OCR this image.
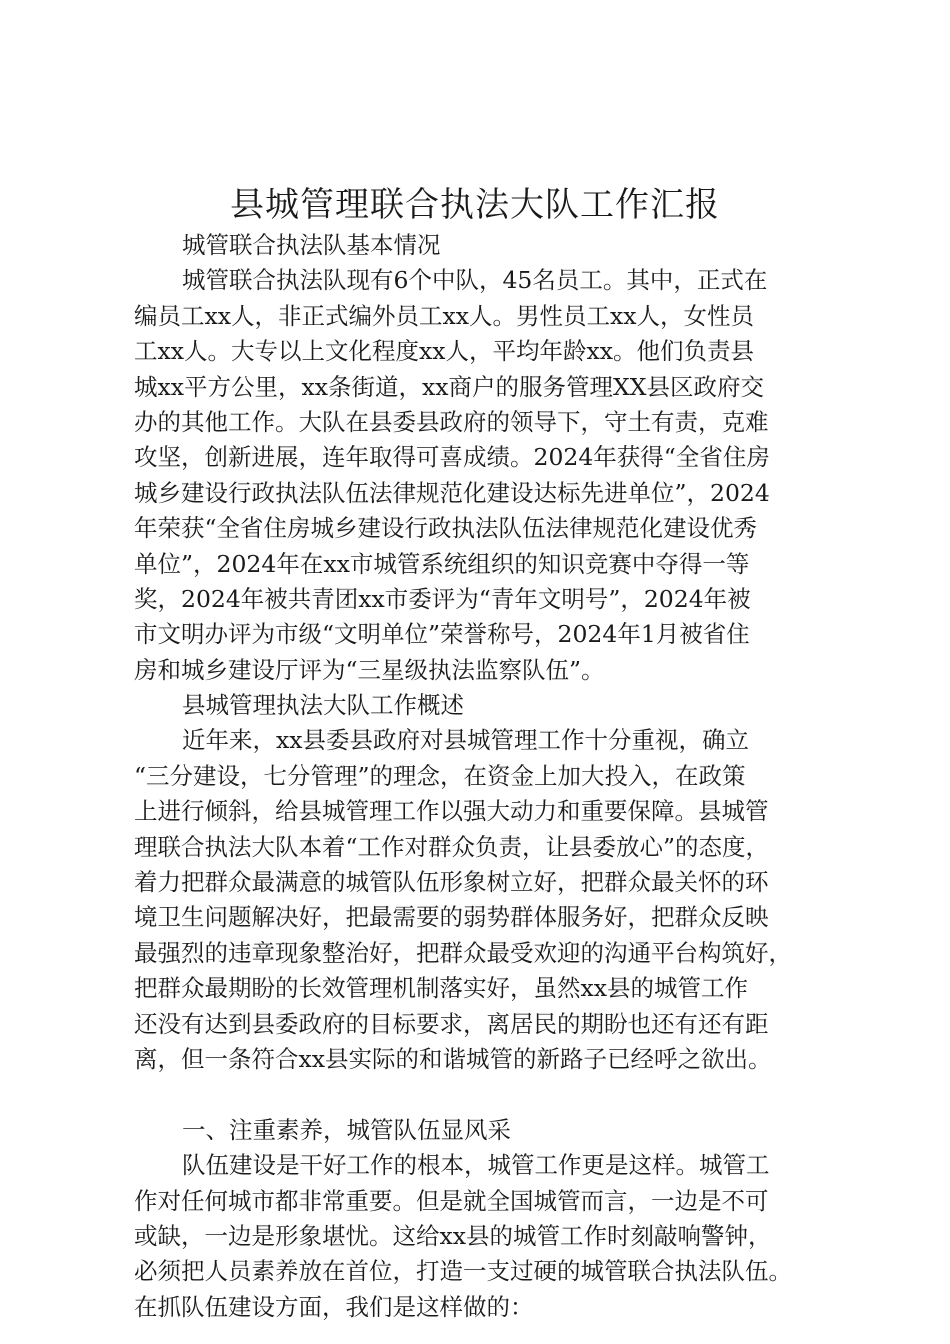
县城管理联合执法大队工作汇报
城管联合执法队基本情况
城管联合执法队现有6个中队，45名员工。其中，正式在
编员工xx人，非正式编外员工xx人。男性员工xx人，女性员
工xx人。大专以上文化程度xx人，平均年龄xx。他们负责县
城xx平方公里，xx条街道，xx商户的服务管理XX县区政府交
办的其他工作。大队在县委县政府的领导下，守土有责，克难
攻坚，创新进展，连年取得可喜成绩。2024年获得“全省住房
城乡建设行政执法队伍法律规范化建设达标先进单位”，2024
年荣获“全省住房城乡建设行政执法队伍法律规范化建设优秀
单位”，2024年在xx市城管系统组织的知识竞赛中夺得一等
奖，2024年被共青团xx市委评为“青年文明号”，2024年被
市文明办评为市级“文明单位”荣誉称号，2024年1月被省住
房和城乡建设厅评为“三星级执法监察队伍”。
县城管理执法大队工作概述
近年来，xx县委县政府对县城管理工作十分重视，确立
“三分建设，七分管理”的理念，在资金上加大投入，在政策
上进行倾斜，给县城管理工作以强大动力和重要保障。县城管
理联合执法大队本着“工作对群众负责，让县委放心”的态度，
着力把群众最满意的城管队伍形象树立好，把群众最关怀的环
境卫生问题解决好，把最需要的弱势群体服务好，把群众反映
最强烈的违章现象整治好，把群众最受欢迎的沟通平台构筑好，
把群众最期盼的长效管理机制落实好，虽然xx县的城管工作
还没有达到县委政府的目标要求，离居民的期盼也还有还有距
离，但一条符合xx县实际的和谐城管的新路子已经呼之欲出。
一、注重素养，城管队伍显风采
队伍建设是干好工作的根本，城管工作更是这样。城管工
作对任何城市都非常重要。但是就全国城管而言，一边是不可
或缺，一边是形象堪忧。这给xx县的城管工作时刻敲响警钟，
必须把人员素养放在首位，打造一支过硬的城管联合执法队伍。
在抓队伍建设方面，我们是这样做的：
